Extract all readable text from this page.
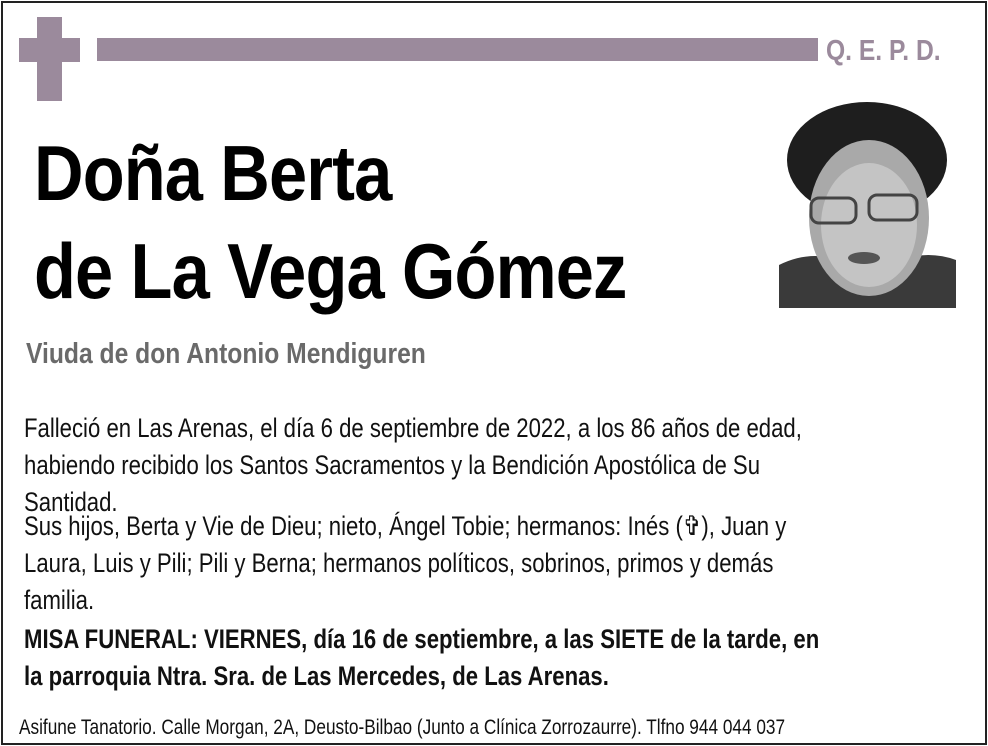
Q. E. P. D.
Doña Berta
de La Vega Gómez
Viuda de don Antonio Mendiguren
Falleció en Las Arenas, el día 6 de septiembre de 2022, a los 86 años de edad,
habiendo recibido los Santos Sacramentos y la Bendición Apostólica de Su
Santidad.
Sus hijos, Berta y Vie de Dieu; nieto, Ángel Tobie; hermanos: Inés (✞), Juan y
Laura, Luis y Pili; Pili y Berna; hermanos políticos, sobrinos, primos y demás
familia.
MISA FUNERAL: VIERNES, día 16 de septiembre, a las SIETE de la tarde, en
la parroquia Ntra. Sra. de Las Mercedes, de Las Arenas.
Asifune Tanatorio. Calle Morgan, 2A, Deusto-Bilbao (Junto a Clínica Zorrozaurre). Tlfno 944 044 037
